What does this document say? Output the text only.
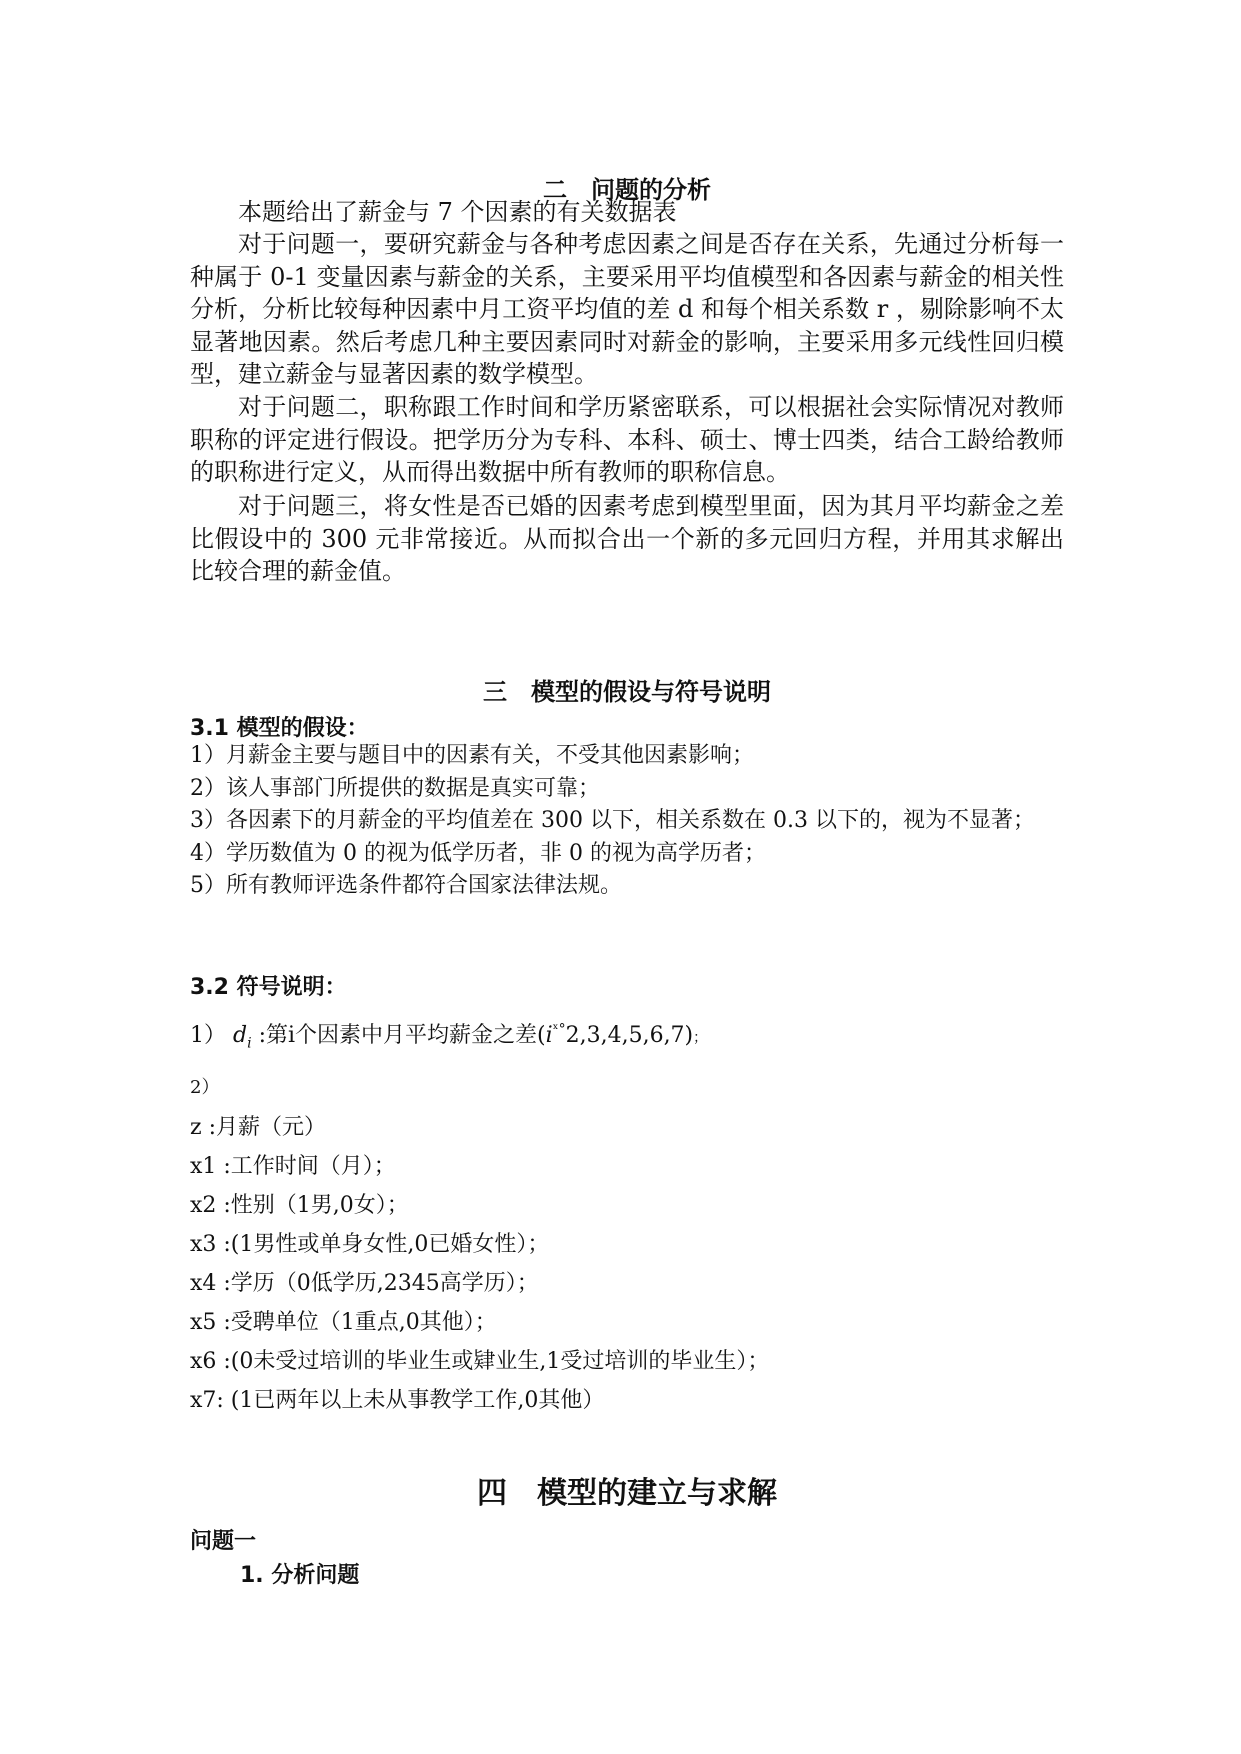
二　问题的分析

本题给出了薪金与 7 个因素的有关数据表

对于问题一，要研究薪金与各种考虑因素之间是否存在关系，先通过分析每一种属于 0-1 变量因素与薪金的关系，主要采用平均值模型和各因素与薪金的相关性分析，分析比较每种因素中月工资平均值的差 d 和每个相关系数 r ，剔除影响不太显著地因素。然后考虑几种主要因素同时对薪金的影响，主要采用多元线性回归模型，建立薪金与显著因素的数学模型。

对于问题二，职称跟工作时间和学历紧密联系，可以根据社会实际情况对教师职称的评定进行假设。把学历分为专科、本科、硕士、博士四类，结合工龄给教师的职称进行定义，从而得出数据中所有教师的职称信息。

对于问题三，将女性是否已婚的因素考虑到模型里面，因为其月平均薪金之差比假设中的 300 元非常接近。从而拟合出一个新的多元回归方程，并用其求解出比较合理的薪金值。

三　模型的假设与符号说明
3.1 模型的假设：
1）月薪金主要与题目中的因素有关，不受其他因素影响；
2）该人事部门所提供的数据是真实可靠；
3）各因素下的月薪金的平均值差在 300 以下，相关系数在 0.3 以下的，视为不显著；
4）学历数值为 0 的视为低学历者，非 0 的视为高学历者；
5）所有教师评选条件都符合国家法律法规。
3.2 符号说明：

1） $d_i$ :第i个因素中月平均薪金之差$(i^{ˣ^\circ}2,3,4,5,6,7)$；

2）

z :月薪（元）
x1 :工作时间（月）；
x2 :性别（1男,0女）；
x3 :(1男性或单身女性,0已婚女性）；
x4 :学历（0低学历,2345高学历）；
x5 :受聘单位（1重点,0其他）；
x6 :(0未受过培训的毕业生或肄业生,1受过培训的毕业生）；
x7: (1已两年以上未从事教学工作,0其他）
四　模型的建立与求解
问题一
1. 分析问题
